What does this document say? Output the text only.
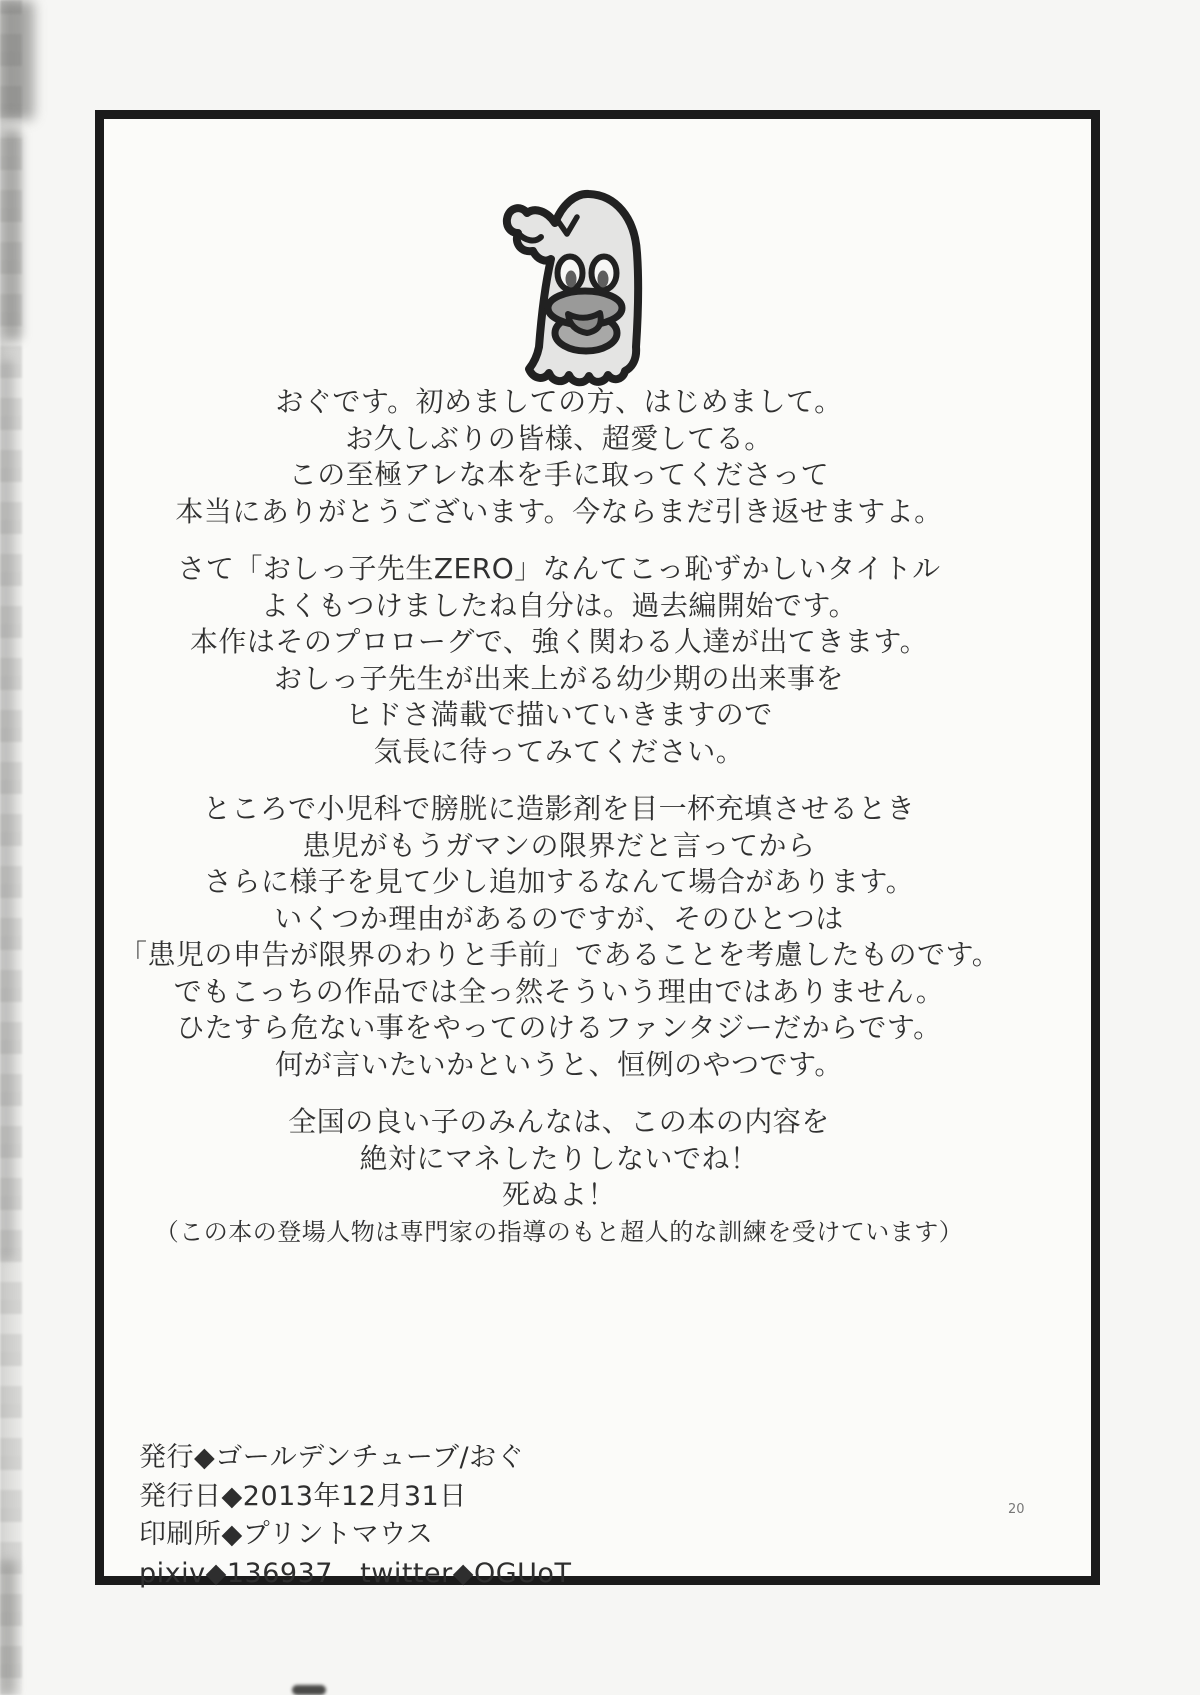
おぐです。初めましての方、はじめまして。
お久しぶりの皆様、超愛してる。
この至極アレな本を手に取ってくださって
本当にありがとうございます。今ならまだ引き返せますよ。

さて「おしっ子先生ZERO」なんてこっ恥ずかしいタイトル
よくもつけましたね自分は。過去編開始です。
本作はそのプロローグで、強く関わる人達が出てきます。
おしっ子先生が出来上がる幼少期の出来事を
ヒドさ満載で描いていきますので
気長に待ってみてください。

ところで小児科で膀胱に造影剤を目一杯充填させるとき
患児がもうガマンの限界だと言ってから
さらに様子を見て少し追加するなんて場合があります。
いくつか理由があるのですが、そのひとつは
「患児の申告が限界のわりと手前」であることを考慮したものです。
でもこっちの作品では全っ然そういう理由ではありません。
ひたすら危ない事をやってのけるファンタジーだからです。
何が言いたいかというと、恒例のやつです。

全国の良い子のみんなは、この本の内容を
絶対にマネしたりしないでね！
死ぬよ！
（この本の登場人物は専門家の指導のもと超人的な訓練を受けています）

発行◆ゴールデンチューブ/おぐ
発行日◆2013年12月31日
印刷所◆プリントマウス
pixiv◆136937   twitter◆OGUoT
20
